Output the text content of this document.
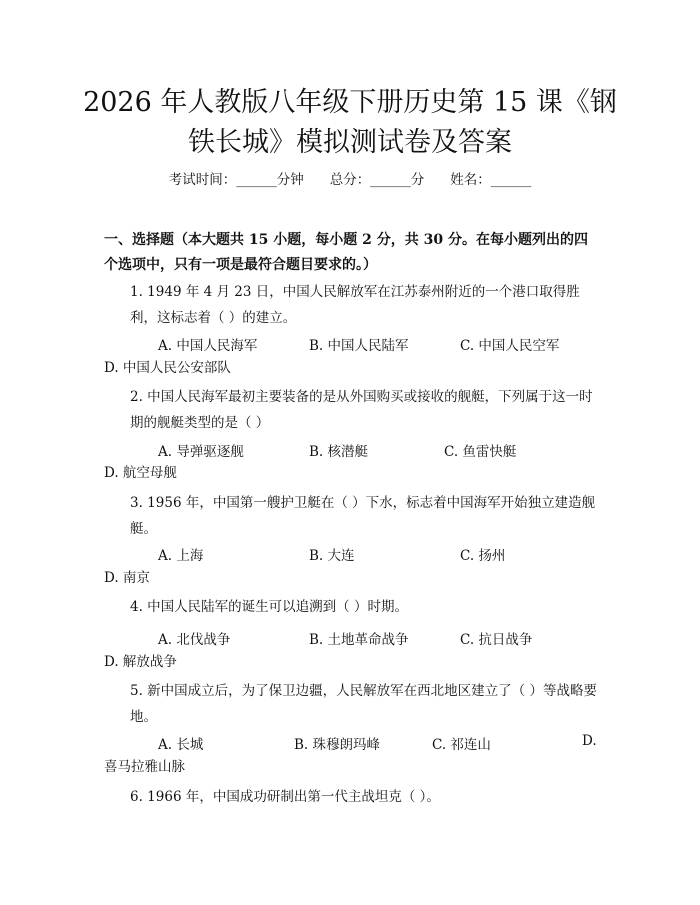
2026 年人教版八年级下册历史第 15 课《钢
铁长城》模拟测试卷及答案
考试时间：______分钟 总分：______分 姓名：______
一、选择题（本大题共 15 小题，每小题 2 分，共 30 分。在每小题列出的四个选项中，只有一项是最符合题目要求的。）
1. 1949 年 4 月 23 日，中国人民解放军在江苏泰州附近的一个港口取得胜利，这标志着（ ）的建立。
A. 中国人民海军	B. 中国人民陆军	C. 中国人民空军
D. 中国人民公安部队
2. 中国人民海军最初主要装备的是从外国购买或接收的舰艇，下列属于这一时期的舰艇类型的是（ ）
A. 导弹驱逐舰	B. 核潜艇	C. 鱼雷快艇
D. 航空母舰
3. 1956 年，中国第一艘护卫艇在（ ）下水，标志着中国海军开始独立建造舰艇。
A. 上海	B. 大连	C. 扬州
D. 南京
4. 中国人民陆军的诞生可以追溯到（ ）时期。
A. 北伐战争	B. 土地革命战争	C. 抗日战争
D. 解放战争
5. 新中国成立后，为了保卫边疆，人民解放军在西北地区建立了（ ）等战略要地。
A. 长城	B. 珠穆朗玛峰	C. 祁连山	D.
喜马拉雅山脉
6. 1966 年，中国成功研制出第一代主战坦克（ ）。
